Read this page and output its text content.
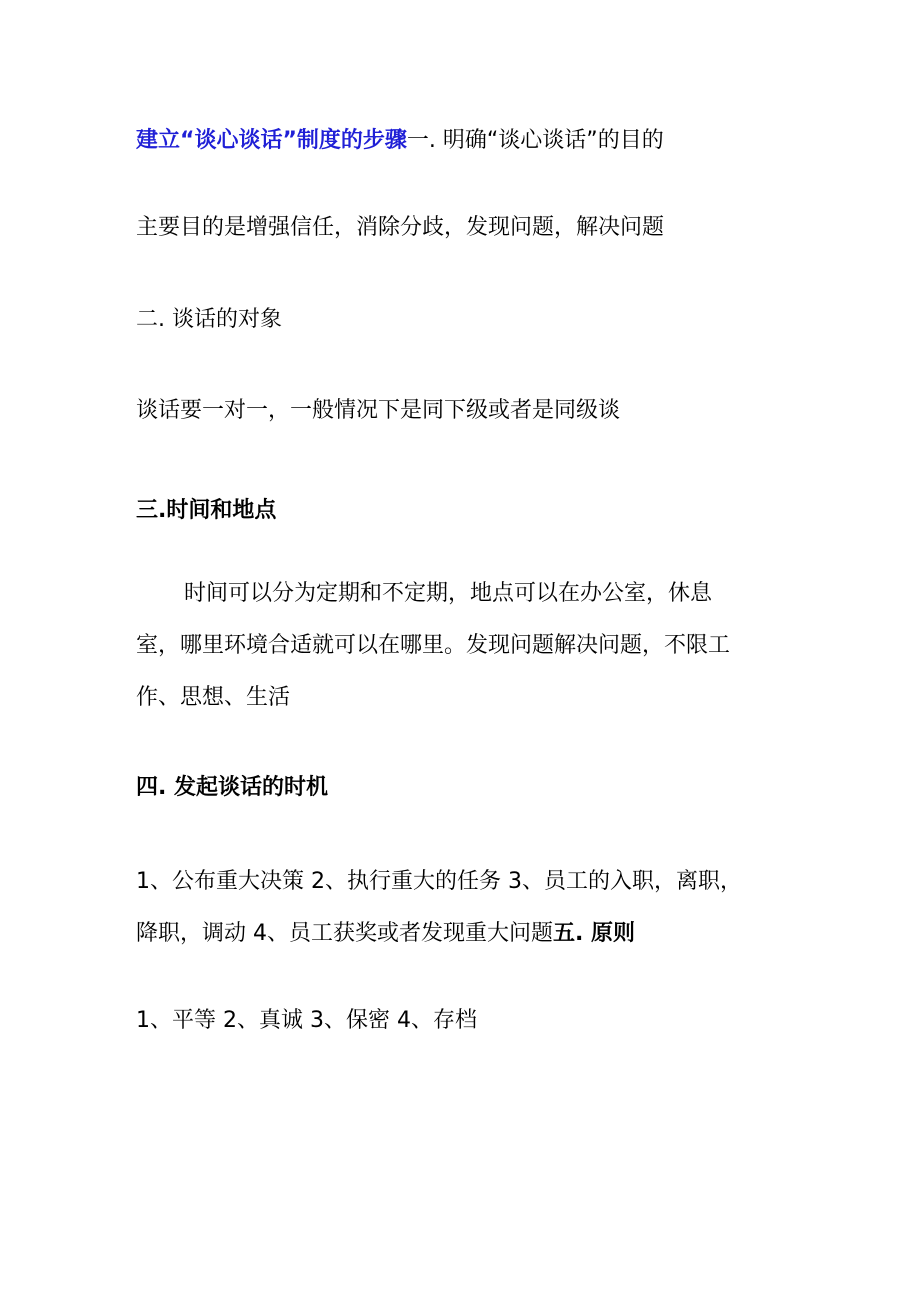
建立“谈心谈话”制度的步骤一. 明确“谈心谈话”的目的
主要目的是增强信任，消除分歧，发现问题，解决问题
二. 谈话的对象
谈话要一对一，一般情况下是同下级或者是同级谈
三.时间和地点
时间可以分为定期和不定期，地点可以在办公室，休息
室，哪里环境合适就可以在哪里。发现问题解决问题，不限工
作、思想、生活
四. 发起谈话的时机
1、公布重大决策 2、执行重大的任务 3、员工的入职，离职，
降职，调动 4、员工获奖或者发现重大问题五. 原则
1、平等 2、真诚 3、保密 4、存档
